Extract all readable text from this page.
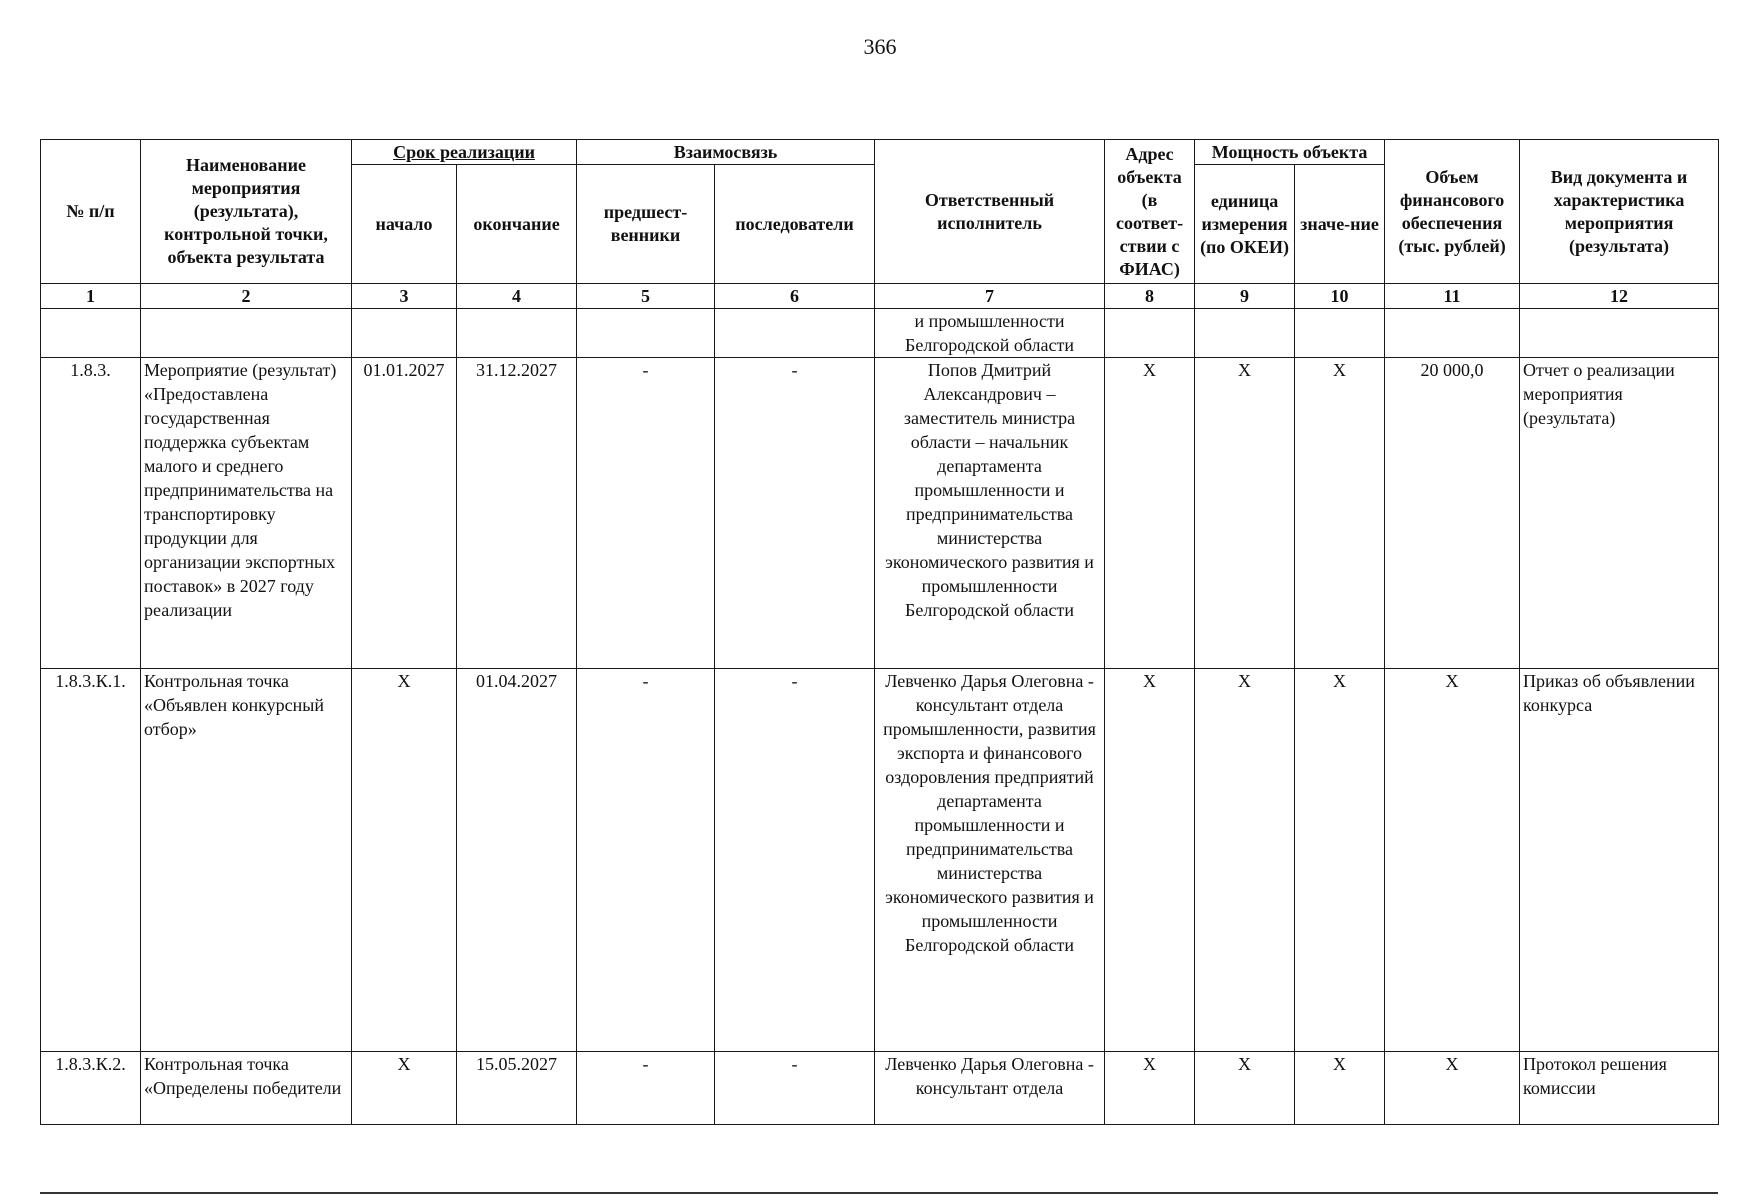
366
№ п/п	Наименование мероприятия (результата), контрольной точки, объекта результата	Срок реализации		Взаимосвязь		Ответственный исполнитель	Адрес объекта (в соответ-ствии с ФИАС)	Мощность объекта		Объем финансового обеспечения (тыс. рублей)	Вид документа и характеристика мероприятия (результата)
		начало	окончание	предшест-венники	последователи			единица измерения (по ОКЕИ)	значе-ние		
1	2	3	4	5	6	7	8	9	10	11	12
						и промышленности Белгородской области					
1.8.3.	Мероприятие (результат) «Предоставлена государственная поддержка субъектам малого и среднего предпринимательства на транспортировку продукции для организации экспортных поставок» в 2027 году реализации	01.01.2027	31.12.2027	-	-	Попов Дмитрий Александрович – заместитель министра области – начальник департамента промышленности и предпринимательства министерства экономического развития и промышленности Белгородской области	X	X	X	20 000,0	Отчет о реализации мероприятия (результата)
1.8.3.К.1.	Контрольная точка «Объявлен конкурсный отбор»	X	01.04.2027	-	-	Левченко Дарья Олеговна - консультант отдела промышленности, развития экспорта и финансового оздоровления предприятий департамента промышленности и предпринимательства министерства экономического развития и промышленности Белгородской области	X	X	X	X	Приказ об объявлении конкурса
1.8.3.К.2.	Контрольная точка «Определены победители	X	15.05.2027	-	-	Левченко Дарья Олеговна - консультант отдела	X	X	X	X	Протокол решения комиссии
